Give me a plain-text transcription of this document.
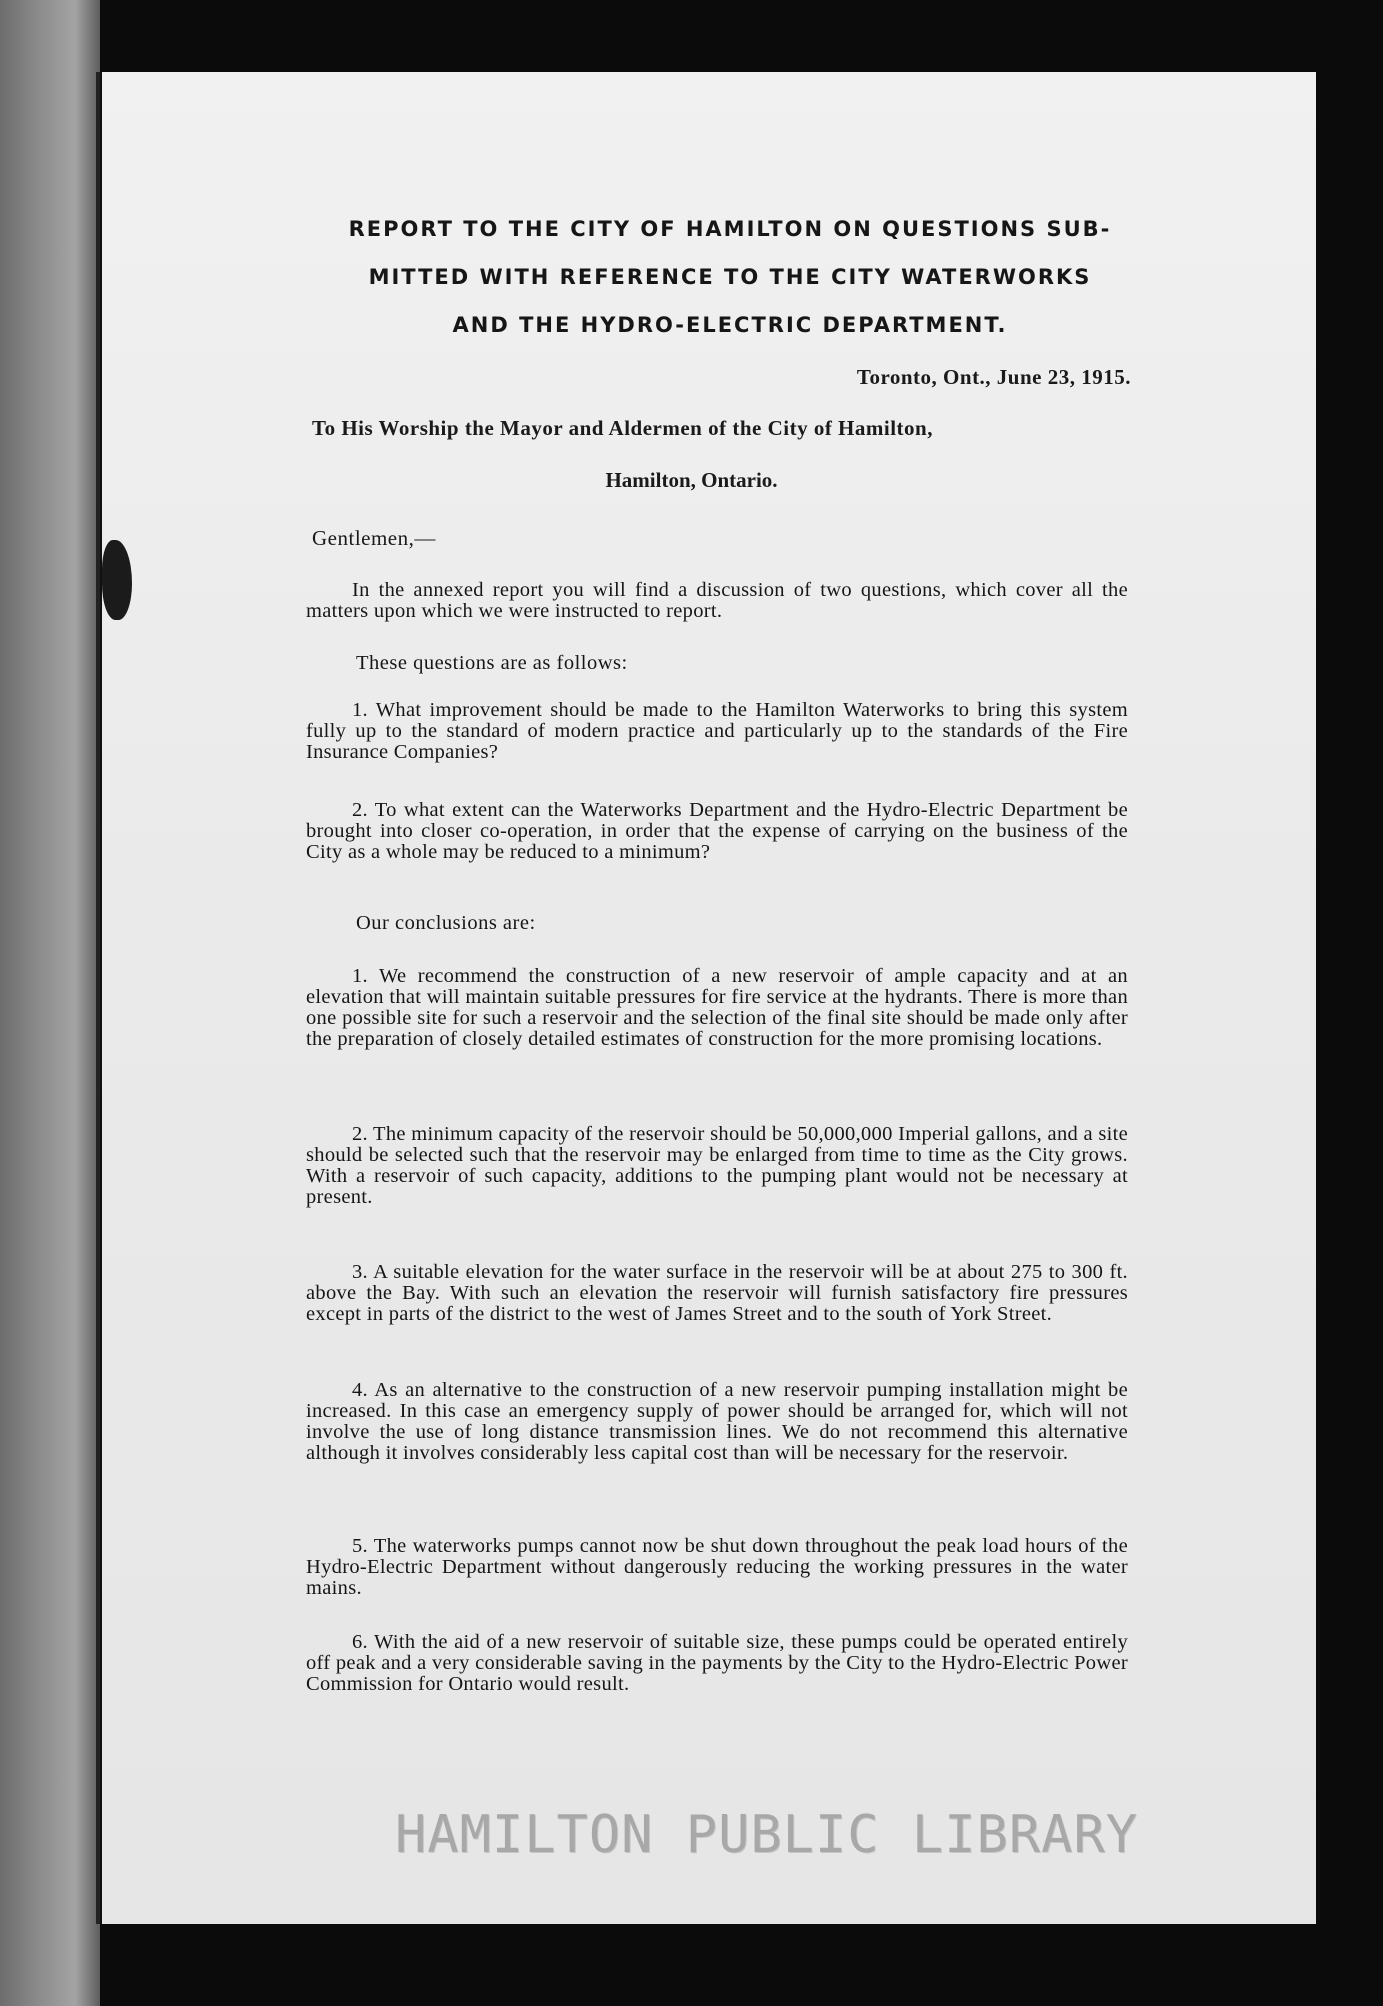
REPORT TO THE CITY OF HAMILTON ON QUESTIONS SUB-
MITTED WITH REFERENCE TO THE CITY WATERWORKS
AND THE HYDRO-ELECTRIC DEPARTMENT.
Toronto, Ont., June 23, 1915.
To His Worship the Mayor and Aldermen of the City of Hamilton,
Hamilton, Ontario.
Gentlemen,—
In the annexed report you will find a discussion of two questions, which cover all the matters upon which we were instructed to report.
These questions are as follows:
1. What improvement should be made to the Hamilton Waterworks to bring this system fully up to the standard of modern practice and particularly up to the standards of the Fire Insurance Companies?
2. To what extent can the Waterworks Department and the Hydro-Electric Department be brought into closer co-operation, in order that the expense of carrying on the business of the City as a whole may be reduced to a minimum?
Our conclusions are:
1. We recommend the construction of a new reservoir of ample capacity and at an elevation that will maintain suitable pressures for fire service at the hydrants. There is more than one possible site for such a reservoir and the selection of the final site should be made only after the preparation of closely detailed estimates of construction for the more promising locations.
2. The minimum capacity of the reservoir should be 50,000,000 Imperial gallons, and a site should be selected such that the reservoir may be enlarged from time to time as the City grows. With a reservoir of such capacity, additions to the pumping plant would not be necessary at present.
3. A suitable elevation for the water surface in the reservoir will be at about 275 to 300 ft. above the Bay. With such an elevation the reservoir will furnish satisfactory fire pressures except in parts of the district to the west of James Street and to the south of York Street.
4. As an alternative to the construction of a new reservoir pumping installation might be increased. In this case an emergency supply of power should be arranged for, which will not involve the use of long distance transmission lines. We do not recommend this alternative although it involves considerably less capital cost than will be necessary for the reservoir.
5. The waterworks pumps cannot now be shut down throughout the peak load hours of the Hydro-Electric Department without dangerously reducing the working pressures in the water mains.
6. With the aid of a new reservoir of suitable size, these pumps could be operated entirely off peak and a very considerable saving in the payments by the City to the Hydro-Electric Power Commission for Ontario would result.
HAMILTON PUBLIC LIBRARY
